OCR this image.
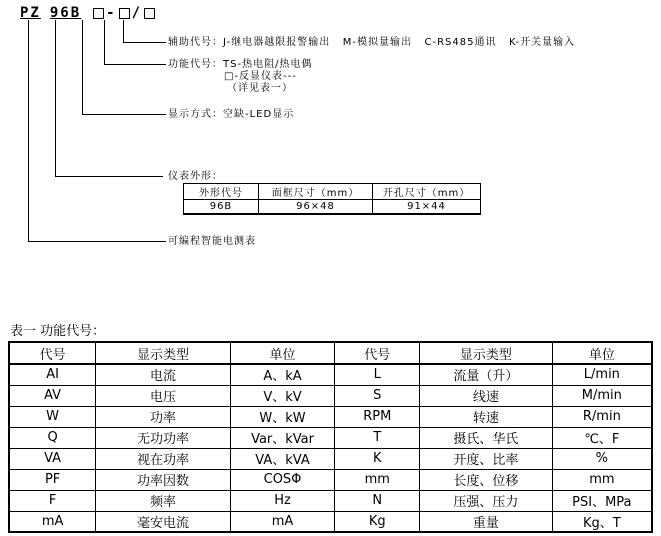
PZ 96B - /
辅助代号：J-继电器越限报警输出   M-模拟量输出   C-RS485通讯   K-开关量输入
功能代号：TS-热电阻/热电偶
□-反显仪表---
（详见表一）
显示方式：空缺-LED显示
仪表外形：
可编程智能电测表
外形代号	面框尺寸（mm）	开孔尺寸（mm）
96B	96×48	91×44
表一 功能代号：
代号	显示类型	单位	代号	显示类型	单位
AI	电流	A、kA	L	流量（升）	L/min
AV	电压	V、kV	S	线速	M/min
W	功率	W、kW	RPM	转速	R/min
Q	无功功率	Var、kVar	T	摄氏、华氏	℃、F
VA	视在功率	VA、kVA	K	开度、比率	%
PF	功率因数	COSΦ	mm	长度、位移	mm
F	频率	Hz	N	压强、压力	PSI、MPa
mA	毫安电流	mA	Kg	重量	Kg、T
